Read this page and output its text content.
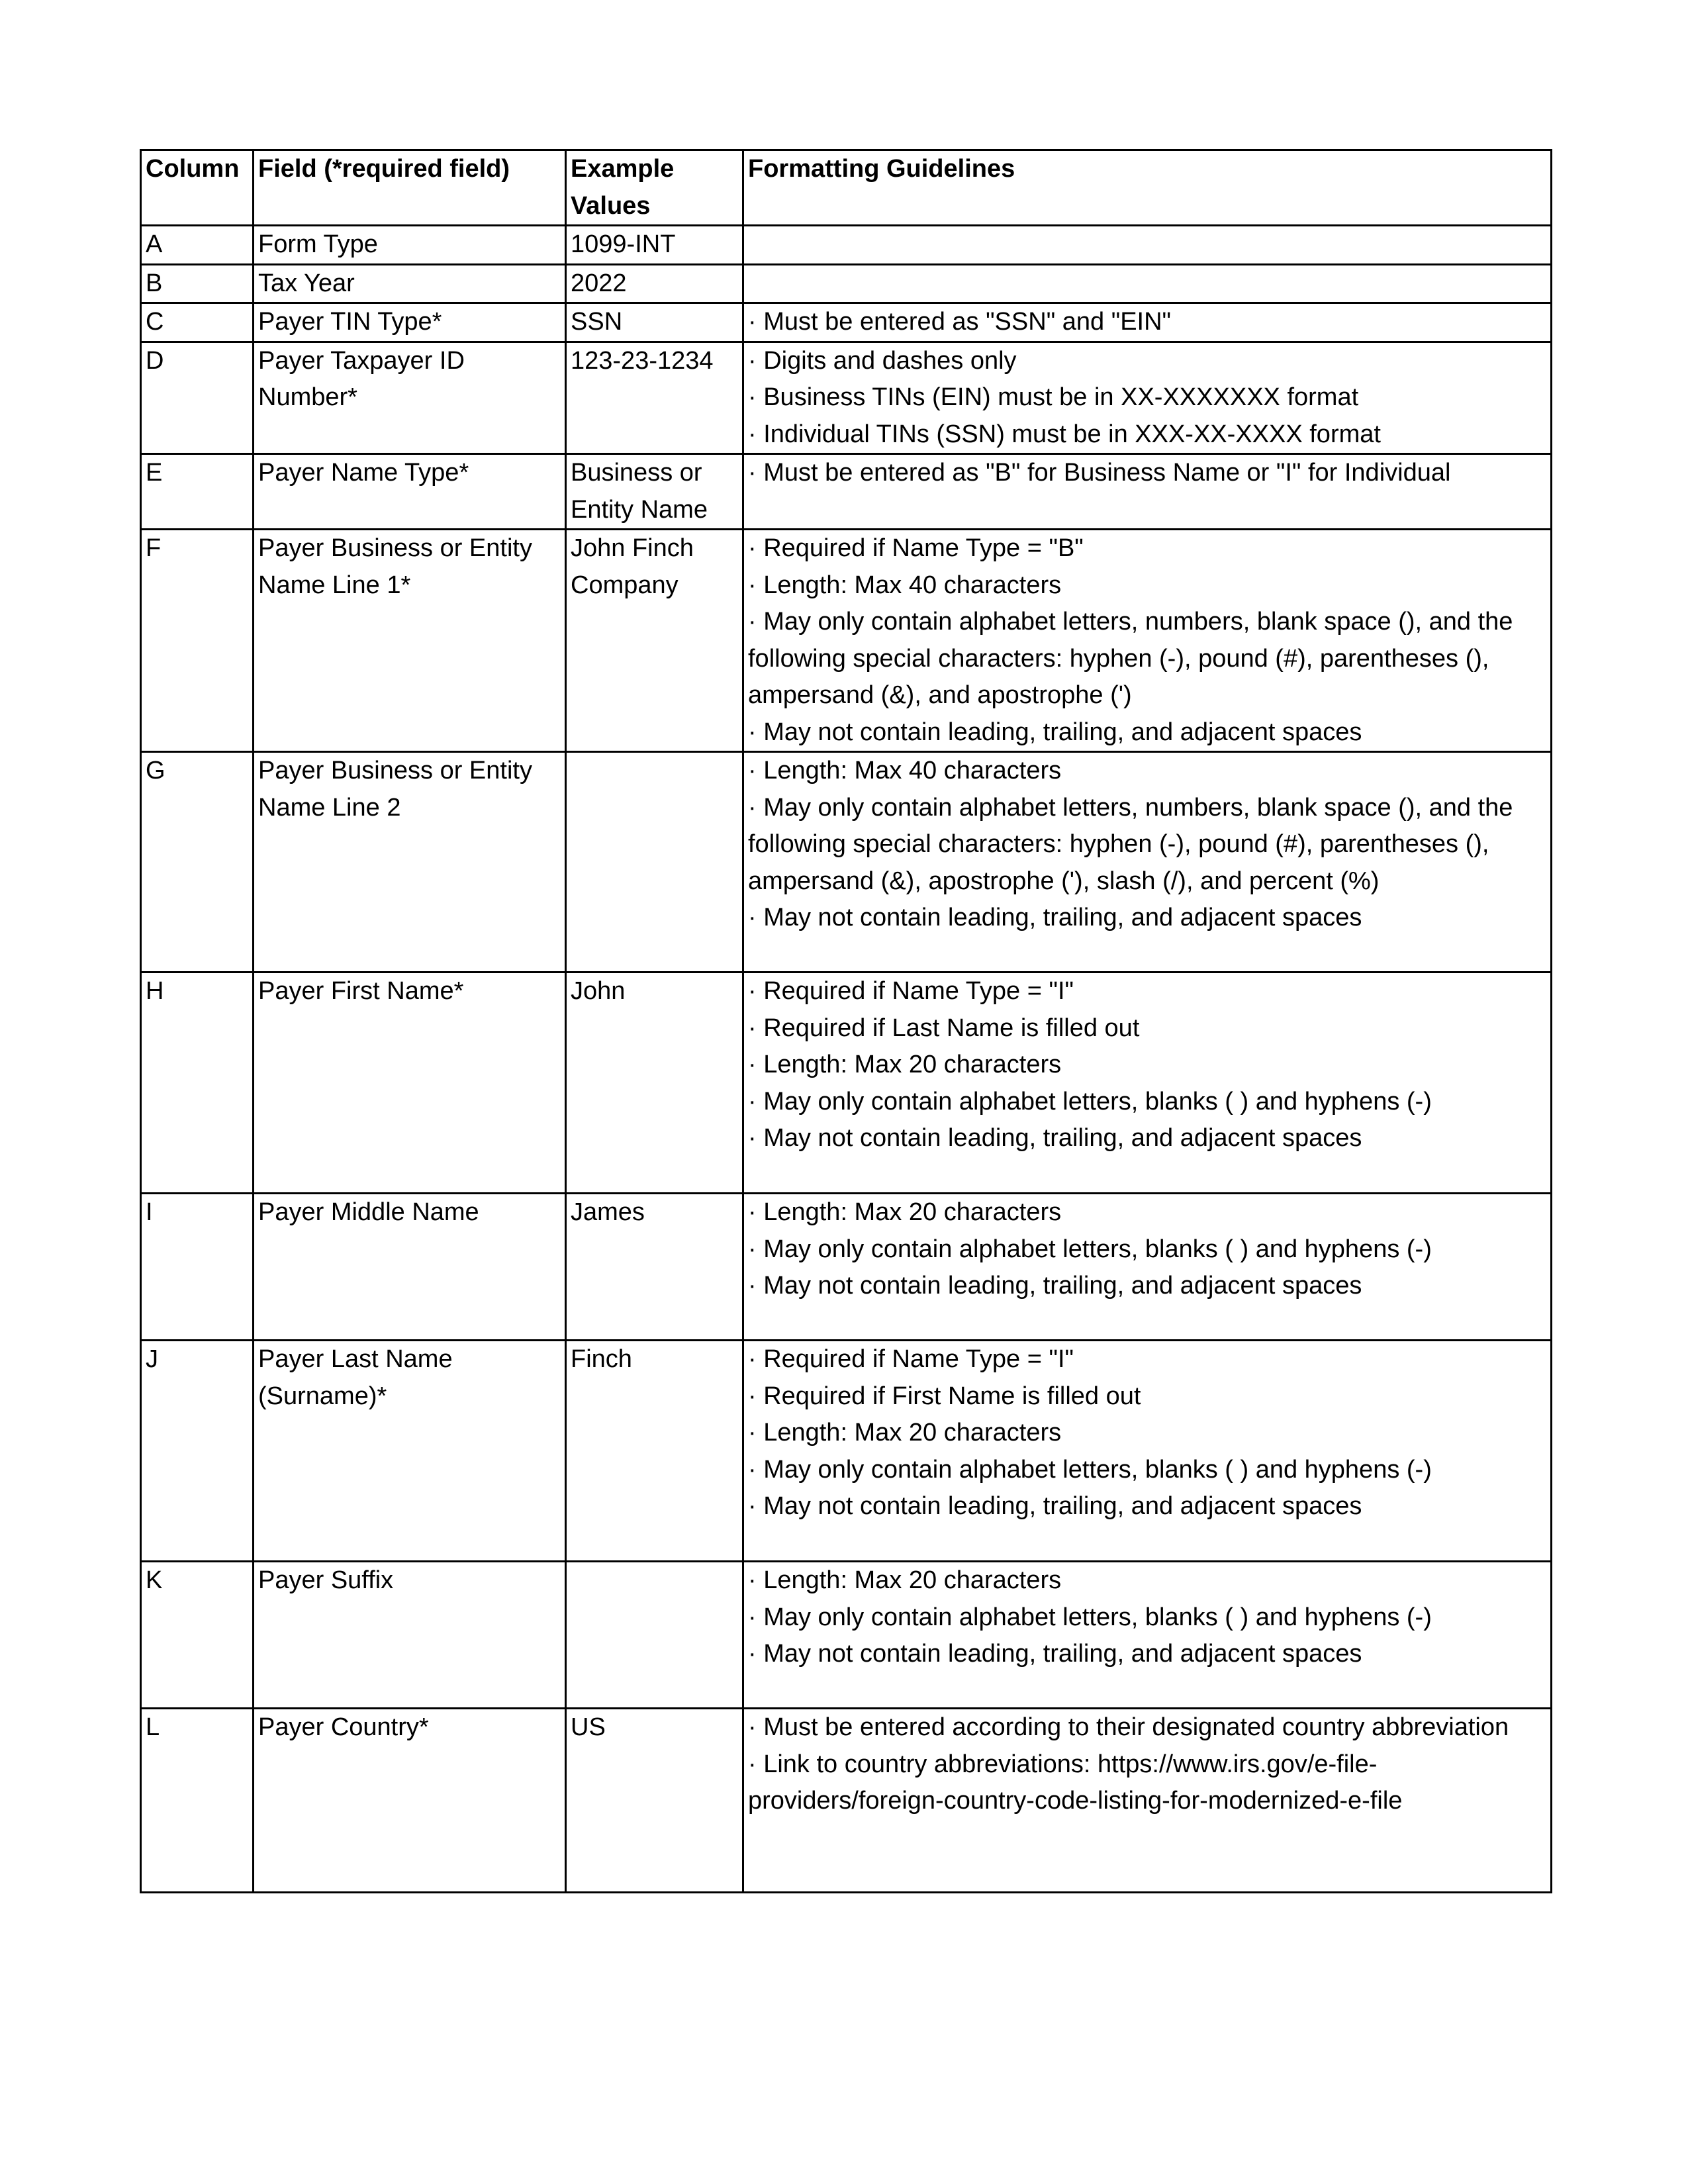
Column	Field (*required field)	Example Values	Formatting Guidelines
A	Form Type	1099-INT	
B	Tax Year	2022	
C	Payer TIN Type*	SSN	· Must be entered as "SSN" and "EIN"

D	Payer Taxpayer ID Number*	123-23-1234	· Digits and dashes only
· Business TINs (EIN) must be in XX-XXXXXXX format
· Individual TINs (SSN) must be in XXX-XX-XXXX format

E	Payer Name Type*	Business or Entity Name	· Must be entered as "B" for Business Name or "I" for Individual

F	Payer Business or Entity Name Line 1*	John Finch Company	· Required if Name Type = "B"
· Length: Max 40 characters
· May only contain alphabet letters, numbers, blank space (), and the following special characters: hyphen (-), pound (#), parentheses (), ampersand (&), and apostrophe (')
· May not contain leading, trailing, and adjacent spaces

G	Payer Business or Entity Name Line 2		· Length: Max 40 characters
· May only contain alphabet letters, numbers, blank space (), and the following special characters: hyphen (-), pound (#), parentheses (), ampersand (&), apostrophe ('), slash (/), and percent (%)
· May not contain leading, trailing, and adjacent spaces

H	Payer First Name*	John	· Required if Name Type = "I"
· Required if Last Name is filled out
· Length: Max 20 characters
· May only contain alphabet letters, blanks ( ) and hyphens (-)
· May not contain leading, trailing, and adjacent spaces

I	Payer Middle Name	James	· Length: Max 20 characters
· May only contain alphabet letters, blanks ( ) and hyphens (-)
· May not contain leading, trailing, and adjacent spaces

J	Payer Last Name (Surname)*	Finch	· Required if Name Type = "I"
· Required if First Name is filled out
· Length: Max 20 characters
· May only contain alphabet letters, blanks ( ) and hyphens (-)
· May not contain leading, trailing, and adjacent spaces

K	Payer Suffix		· Length: Max 20 characters
· May only contain alphabet letters, blanks ( ) and hyphens (-)
· May not contain leading, trailing, and adjacent spaces

L	Payer Country*	US	· Must be entered according to their designated country abbreviation
· Link to country abbreviations: https://www.irs.gov/e-file-providers/foreign-country-code-listing-for-modernized-e-file
